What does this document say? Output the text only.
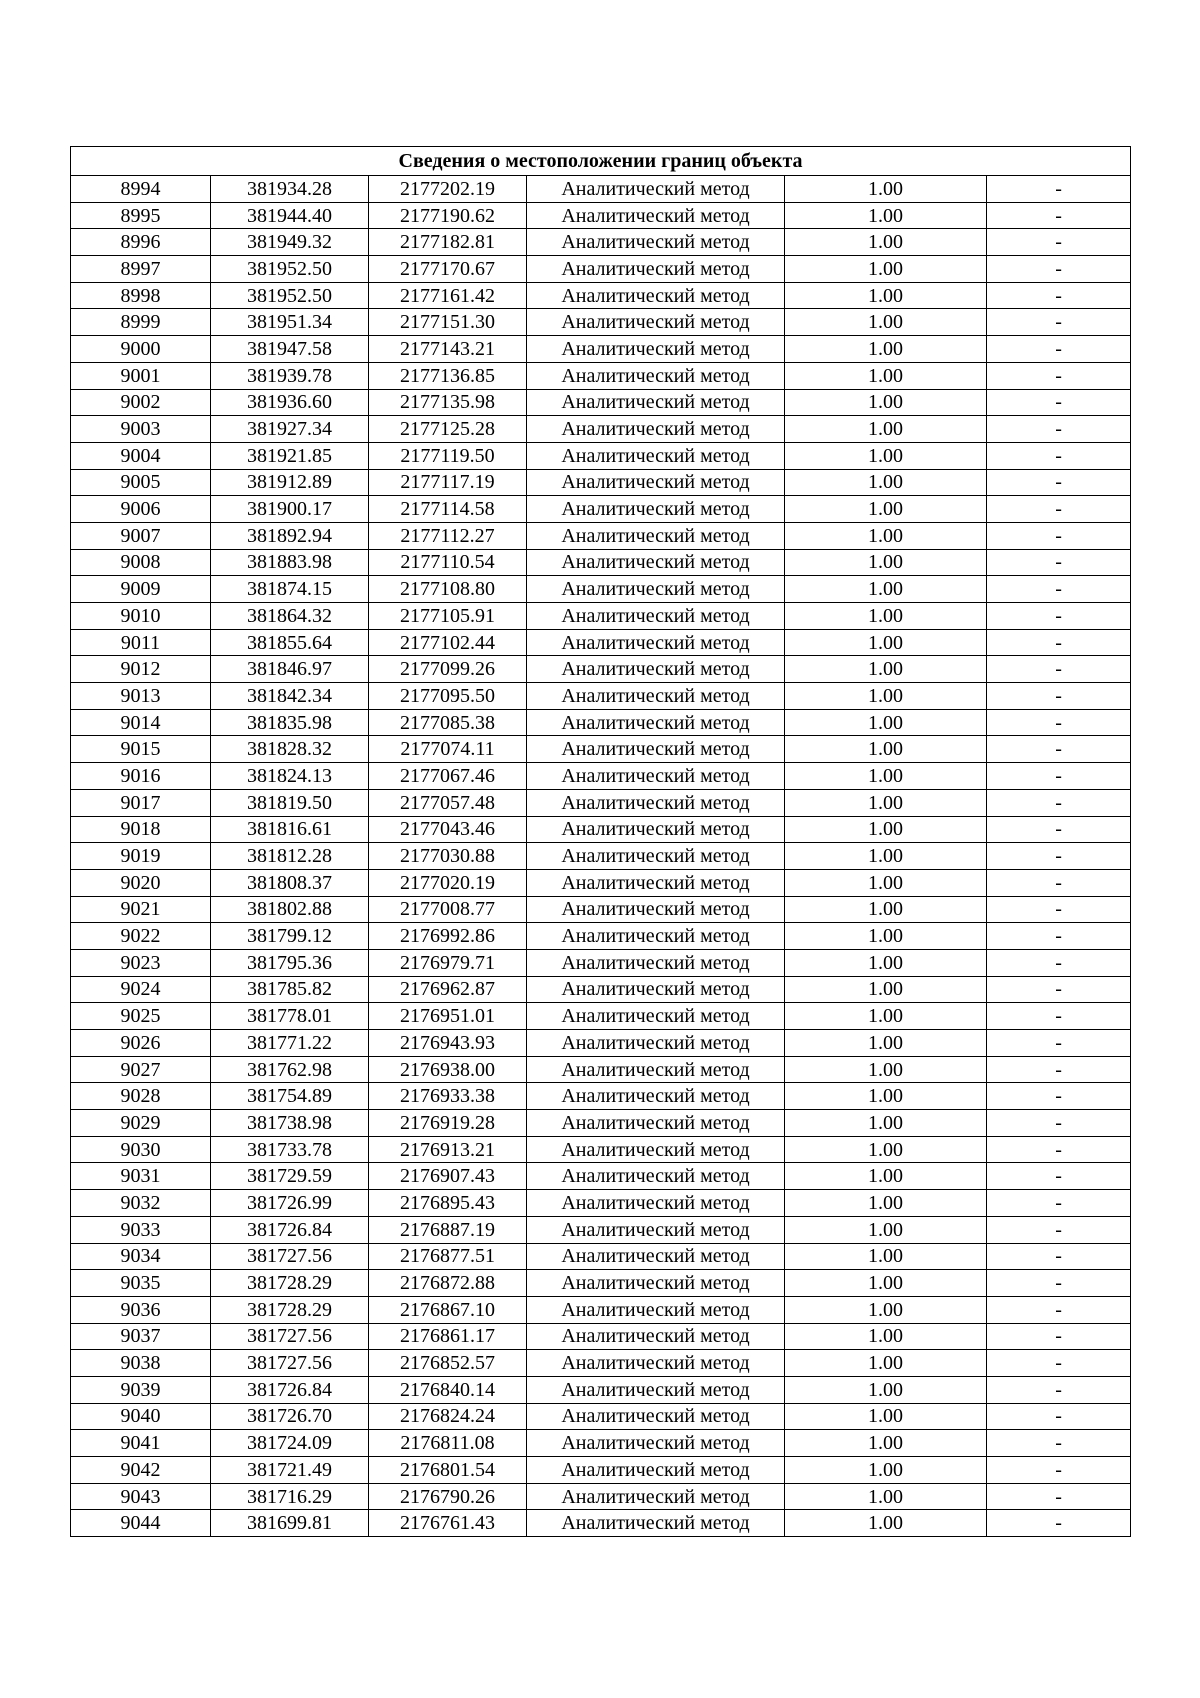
Сведения о местоположении границ объекта					
8994	381934.28	2177202.19	Аналитический метод	1.00	-
8995	381944.40	2177190.62	Аналитический метод	1.00	-
8996	381949.32	2177182.81	Аналитический метод	1.00	-
8997	381952.50	2177170.67	Аналитический метод	1.00	-
8998	381952.50	2177161.42	Аналитический метод	1.00	-
8999	381951.34	2177151.30	Аналитический метод	1.00	-
9000	381947.58	2177143.21	Аналитический метод	1.00	-
9001	381939.78	2177136.85	Аналитический метод	1.00	-
9002	381936.60	2177135.98	Аналитический метод	1.00	-
9003	381927.34	2177125.28	Аналитический метод	1.00	-
9004	381921.85	2177119.50	Аналитический метод	1.00	-
9005	381912.89	2177117.19	Аналитический метод	1.00	-
9006	381900.17	2177114.58	Аналитический метод	1.00	-
9007	381892.94	2177112.27	Аналитический метод	1.00	-
9008	381883.98	2177110.54	Аналитический метод	1.00	-
9009	381874.15	2177108.80	Аналитический метод	1.00	-
9010	381864.32	2177105.91	Аналитический метод	1.00	-
9011	381855.64	2177102.44	Аналитический метод	1.00	-
9012	381846.97	2177099.26	Аналитический метод	1.00	-
9013	381842.34	2177095.50	Аналитический метод	1.00	-
9014	381835.98	2177085.38	Аналитический метод	1.00	-
9015	381828.32	2177074.11	Аналитический метод	1.00	-
9016	381824.13	2177067.46	Аналитический метод	1.00	-
9017	381819.50	2177057.48	Аналитический метод	1.00	-
9018	381816.61	2177043.46	Аналитический метод	1.00	-
9019	381812.28	2177030.88	Аналитический метод	1.00	-
9020	381808.37	2177020.19	Аналитический метод	1.00	-
9021	381802.88	2177008.77	Аналитический метод	1.00	-
9022	381799.12	2176992.86	Аналитический метод	1.00	-
9023	381795.36	2176979.71	Аналитический метод	1.00	-
9024	381785.82	2176962.87	Аналитический метод	1.00	-
9025	381778.01	2176951.01	Аналитический метод	1.00	-
9026	381771.22	2176943.93	Аналитический метод	1.00	-
9027	381762.98	2176938.00	Аналитический метод	1.00	-
9028	381754.89	2176933.38	Аналитический метод	1.00	-
9029	381738.98	2176919.28	Аналитический метод	1.00	-
9030	381733.78	2176913.21	Аналитический метод	1.00	-
9031	381729.59	2176907.43	Аналитический метод	1.00	-
9032	381726.99	2176895.43	Аналитический метод	1.00	-
9033	381726.84	2176887.19	Аналитический метод	1.00	-
9034	381727.56	2176877.51	Аналитический метод	1.00	-
9035	381728.29	2176872.88	Аналитический метод	1.00	-
9036	381728.29	2176867.10	Аналитический метод	1.00	-
9037	381727.56	2176861.17	Аналитический метод	1.00	-
9038	381727.56	2176852.57	Аналитический метод	1.00	-
9039	381726.84	2176840.14	Аналитический метод	1.00	-
9040	381726.70	2176824.24	Аналитический метод	1.00	-
9041	381724.09	2176811.08	Аналитический метод	1.00	-
9042	381721.49	2176801.54	Аналитический метод	1.00	-
9043	381716.29	2176790.26	Аналитический метод	1.00	-
9044	381699.81	2176761.43	Аналитический метод	1.00	-
